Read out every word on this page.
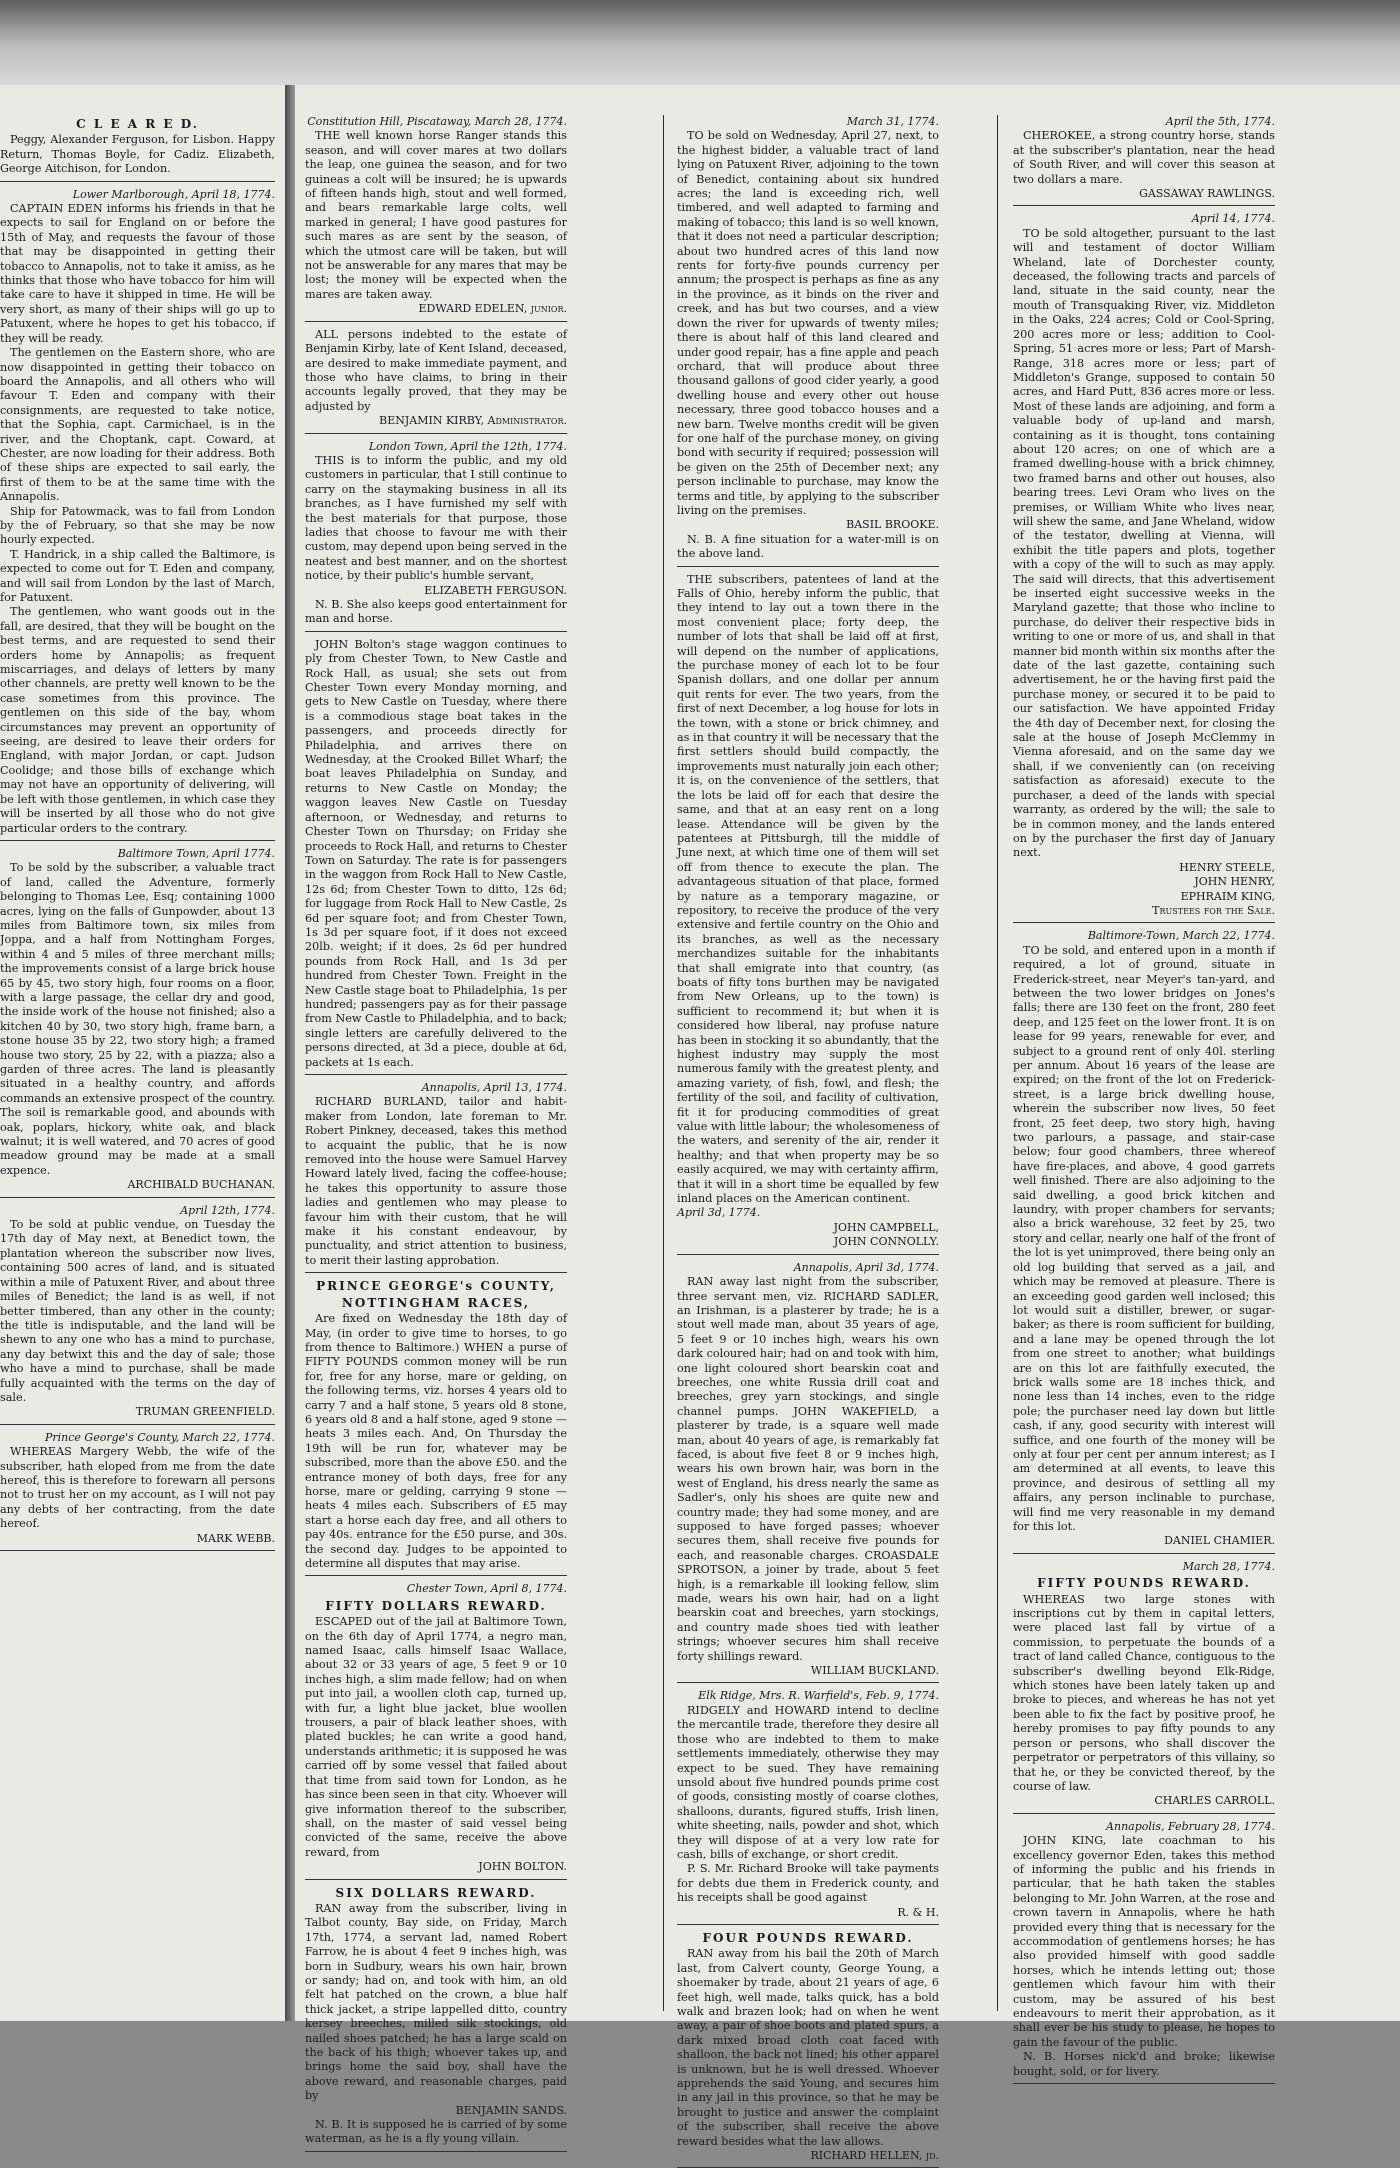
C L E A R E D.

Peggy, Alexander Ferguson, for Lisbon. Happy Return, Thomas Boyle, for Cadiz. Elizabeth, George Aitchison, for London.

Lower Marlborough, April 18, 1774.

CAPTAIN EDEN informs his friends in that he expects to sail for England on or before the 15th of May, and requests the favour of those that may be disappointed in getting their tobacco to Annapolis, not to take it amiss, as he thinks that those who have tobacco for him will take care to have it shipped in time. He will be very short, as many of their ships will go up to Patuxent, where he hopes to get his tobacco, if they will be ready.

The gentlemen on the Eastern shore, who are now disappointed in getting their tobacco on board the Annapolis, and all others who will favour T. Eden and company with their consignments, are requested to take notice, that the Sophia, capt. Carmichael, is in the river, and the Choptank, capt. Coward, at Chester, are now loading for their address. Both of these ships are expected to sail early, the first of them to be at the same time with the Annapolis.

Ship for Patowmack, was to fail from London by the of February, so that she may be now hourly expected.

T. Handrick, in a ship called the Baltimore, is expected to come out for T. Eden and company, and will sail from London by the last of March, for Patuxent.

The gentlemen, who want goods out in the fall, are desired, that they will be bought on the best terms, and are requested to send their orders home by Annapolis; as frequent miscarriages, and delays of letters by many other channels, are pretty well known to be the case sometimes from this province. The gentlemen on this side of the bay, whom circumstances may prevent an opportunity of seeing, are desired to leave their orders for England, with major Jordan, or capt. Judson Coolidge; and those bills of exchange which may not have an opportunity of delivering, will be left with those gentlemen, in which case they will be inserted by all those who do not give particular orders to the contrary.

Baltimore Town, April 1774.

To be sold by the subscriber, a valuable tract of land, called the Adventure, formerly belonging to Thomas Lee, Esq; containing 1000 acres, lying on the falls of Gunpowder, about 13 miles from Baltimore town, six miles from Joppa, and a half from Nottingham Forges, within 4 and 5 miles of three merchant mills; the improvements consist of a large brick house 65 by 45, two story high, four rooms on a floor, with a large passage, the cellar dry and good, the inside work of the house not finished; also a kitchen 40 by 30, two story high, frame barn, a stone house 35 by 22, two story high; a framed house two story, 25 by 22, with a piazza; also a garden of three acres. The land is pleasantly situated in a healthy country, and affords commands an extensive prospect of the country. The soil is remarkable good, and abounds with oak, poplars, hickory, white oak, and black walnut; it is well watered, and 70 acres of good meadow ground may be made at a small expence.

ARCHIBALD BUCHANAN.
April 12th, 1774.

To be sold at public vendue, on Tuesday the 17th day of May next, at Benedict town, the plantation whereon the subscriber now lives, containing 500 acres of land, and is situated within a mile of Patuxent River, and about three miles of Benedict; the land is as well, if not better timbered, than any other in the county; the title is indisputable, and the land will be shewn to any one who has a mind to purchase, any day betwixt this and the day of sale; those who have a mind to purchase, shall be made fully acquainted with the terms on the day of sale.

TRUMAN GREENFIELD.
Prince George's County, March 22, 1774.

WHEREAS Margery Webb, the wife of the subscriber, hath eloped from me from the date hereof, this is therefore to forewarn all persons not to trust her on my account, as I will not pay any debts of her contracting, from the date hereof.

MARK WEBB.
Constitution Hill, Piscataway, March 28, 1774.

THE well known horse Ranger stands this season, and will cover mares at two dollars the leap, one guinea the season, and for two guineas a colt will be insured; he is upwards of fifteen hands high, stout and well formed, and bears remarkable large colts, well marked in general; I have good pastures for such mares as are sent by the season, of which the utmost care will be taken, but will not be answerable for any mares that may be lost; the money will be expected when the mares are taken away.

EDWARD EDELEN, junior.

ALL persons indebted to the estate of Benjamin Kirby, late of Kent Island, deceased, are desired to make immediate payment, and those who have claims, to bring in their accounts legally proved, that they may be adjusted by

BENJAMIN KIRBY, Administrator.
London Town, April the 12th, 1774.

THIS is to inform the public, and my old customers in particular, that I still continue to carry on the staymaking business in all its branches, as I have furnished my self with the best materials for that purpose, those ladies that choose to favour me with their custom, may depend upon being served in the neatest and best manner, and on the shortest notice, by their public's humble servant,

ELIZABETH FERGUSON.

N. B. She also keeps good entertainment for man and horse.

JOHN Bolton's stage waggon continues to ply from Chester Town, to New Castle and Rock Hall, as usual; she sets out from Chester Town every Monday morning, and gets to New Castle on Tuesday, where there is a commodious stage boat takes in the passengers, and proceeds directly for Philadelphia, and arrives there on Wednesday, at the Crooked Billet Wharf; the boat leaves Philadelphia on Sunday, and returns to New Castle on Monday; the waggon leaves New Castle on Tuesday afternoon, or Wednesday, and returns to Chester Town on Thursday; on Friday she proceeds to Rock Hall, and returns to Chester Town on Saturday. The rate is for passengers in the waggon from Rock Hall to New Castle, 12s 6d; from Chester Town to ditto, 12s 6d; for luggage from Rock Hall to New Castle, 2s 6d per square foot; and from Chester Town, 1s 3d per square foot, if it does not exceed 20lb. weight; if it does, 2s 6d per hundred pounds from Rock Hall, and 1s 3d per hundred from Chester Town. Freight in the New Castle stage boat to Philadelphia, 1s per hundred; passengers pay as for their passage from New Castle to Philadelphia, and to back; single letters are carefully delivered to the persons directed, at 3d a piece, double at 6d, packets at 1s each.

Annapolis, April 13, 1774.

RICHARD BURLAND, tailor and habit-maker from London, late foreman to Mr. Robert Pinkney, deceased, takes this method to acquaint the public, that he is now removed into the house were Samuel Harvey Howard lately lived, facing the coffee-house; he takes this opportunity to assure those ladies and gentlemen who may please to favour him with their custom, that he will make it his constant endeavour, by punctuality, and strict attention to business, to merit their lasting approbation.

PRINCE GEORGE's COUNTY,
NOTTINGHAM RACES,

Are fixed on Wednesday the 18th day of May, (in order to give time to horses, to go from thence to Baltimore.) WHEN a purse of FIFTY POUNDS common money will be run for, free for any horse, mare or gelding, on the following terms, viz. horses 4 years old to carry 7 and a half stone, 5 years old 8 stone, 6 years old 8 and a half stone, aged 9 stone — heats 3 miles each. And, On Thursday the 19th will be run for, whatever may be subscribed, more than the above £50. and the entrance money of both days, free for any horse, mare or gelding, carrying 9 stone — heats 4 miles each. Subscribers of £5 may start a horse each day free, and all others to pay 40s. entrance for the £50 purse, and 30s. the second day. Judges to be appointed to determine all disputes that may arise.

Chester Town, April 8, 1774.
FIFTY DOLLARS REWARD.

ESCAPED out of the jail at Baltimore Town, on the 6th day of April 1774, a negro man, named Isaac, calls himself Isaac Wallace, about 32 or 33 years of age, 5 feet 9 or 10 inches high, a slim made fellow; had on when put into jail, a woollen cloth cap, turned up, with fur, a light blue jacket, blue woollen trousers, a pair of black leather shoes, with plated buckles; he can write a good hand, understands arithmetic; it is supposed he was carried off by some vessel that failed about that time from said town for London, as he has since been seen in that city. Whoever will give information thereof to the subscriber, shall, on the master of said vessel being convicted of the same, receive the above reward, from

JOHN BOLTON.
SIX DOLLARS REWARD.

RAN away from the subscriber, living in Talbot county, Bay side, on Friday, March 17th, 1774, a servant lad, named Robert Farrow, he is about 4 feet 9 inches high, was born in Sudbury, wears his own hair, brown or sandy; had on, and took with him, an old felt hat patched on the crown, a blue half thick jacket, a stripe lappelled ditto, country kersey breeches, milled silk stockings, old nailed shoes patched; he has a large scald on the back of his thigh; whoever takes up, and brings home the said boy, shall have the above reward, and reasonable charges, paid by

BENJAMIN SANDS.

N. B. It is supposed he is carried of by some waterman, as he is a fly young villain.

March 31, 1774.

TO be sold on Wednesday, April 27, next, to the highest bidder, a valuable tract of land lying on Patuxent River, adjoining to the town of Benedict, containing about six hundred acres; the land is exceeding rich, well timbered, and well adapted to farming and making of tobacco; this land is so well known, that it does not need a particular description; about two hundred acres of this land now rents for forty-five pounds currency per annum; the prospect is perhaps as fine as any in the province, as it binds on the river and creek, and has but two courses, and a view down the river for upwards of twenty miles; there is about half of this land cleared and under good repair, has a fine apple and peach orchard, that will produce about three thousand gallons of good cider yearly, a good dwelling house and every other out house necessary, three good tobacco houses and a new barn. Twelve months credit will be given for one half of the purchase money, on giving bond with security if required; possession will be given on the 25th of December next; any person inclinable to purchase, may know the terms and title, by applying to the subscriber living on the premises.

BASIL BROOKE.

N. B. A fine situation for a water-mill is on the above land.

THE subscribers, patentees of land at the Falls of Ohio, hereby inform the public, that they intend to lay out a town there in the most convenient place; forty deep, the number of lots that shall be laid off at first, will depend on the number of applications, the purchase money of each lot to be four Spanish dollars, and one dollar per annum quit rents for ever. The two years, from the first of next December, a log house for lots in the town, with a stone or brick chimney, and as in that country it will be necessary that the first settlers should build compactly, the improvements must naturally join each other; it is, on the convenience of the settlers, that the lots be laid off for each that desire the same, and that at an easy rent on a long lease. Attendance will be given by the patentees at Pittsburgh, till the middle of June next, at which time one of them will set off from thence to execute the plan. The advantageous situation of that place, formed by nature as a temporary magazine, or repository, to receive the produce of the very extensive and fertile country on the Ohio and its branches, as well as the necessary merchandizes suitable for the inhabitants that shall emigrate into that country, (as boats of fifty tons burthen may be navigated from New Orleans, up to the town) is sufficient to recommend it; but when it is considered how liberal, nay profuse nature has been in stocking it so abundantly, that the highest industry may supply the most numerous family with the greatest plenty, and amazing variety, of fish, fowl, and flesh; the fertility of the soil, and facility of cultivation, fit it for producing commodities of great value with little labour; the wholesomeness of the waters, and serenity of the air, render it healthy; and that when property may be so easily acquired, we may with certainty affirm, that it will in a short time be equalled by few inland places on the American continent.

April 3d, 1774.
JOHN CAMPBELL,
JOHN CONNOLLY.
Annapolis, April 3d, 1774.

RAN away last night from the subscriber, three servant men, viz. RICHARD SADLER, an Irishman, is a plasterer by trade; he is a stout well made man, about 35 years of age, 5 feet 9 or 10 inches high, wears his own dark coloured hair; had on and took with him, one light coloured short bearskin coat and breeches, one white Russia drill coat and breeches, grey yarn stockings, and single channel pumps. JOHN WAKEFIELD, a plasterer by trade, is a square well made man, about 40 years of age, is remarkably fat faced, is about five feet 8 or 9 inches high, wears his own brown hair, was born in the west of England, his dress nearly the same as Sadler's, only his shoes are quite new and country made; they had some money, and are supposed to have forged passes; whoever secures them, shall receive five pounds for each, and reasonable charges. CROASDALE SPROTSON, a joiner by trade, about 5 feet high, is a remarkable ill looking fellow, slim made, wears his own hair, had on a light bearskin coat and breeches, yarn stockings, and country made shoes tied with leather strings; whoever secures him shall receive forty shillings reward.

WILLIAM BUCKLAND.
Elk Ridge, Mrs. R. Warfield's, Feb. 9, 1774.

RIDGELY and HOWARD intend to decline the mercantile trade, therefore they desire all those who are indebted to them to make settlements immediately, otherwise they may expect to be sued. They have remaining unsold about five hundred pounds prime cost of goods, consisting mostly of coarse clothes, shalloons, durants, figured stuffs, Irish linen, white sheeting, nails, powder and shot, which they will dispose of at a very low rate for cash, bills of exchange, or short credit.

P. S. Mr. Richard Brooke will take payments for debts due them in Frederick county, and his receipts shall be good against

R. & H.
FOUR POUNDS REWARD.

RAN away from his bail the 20th of March last, from Calvert county, George Young, a shoemaker by trade, about 21 years of age, 6 feet high, well made, talks quick, has a bold walk and brazen look; had on when he went away, a pair of shoe boots and plated spurs, a dark mixed broad cloth coat faced with shalloon, the back not lined; his other apparel is unknown, but he is well dressed. Whoever apprehends the said Young, and secures him in any jail in this province, so that he may be brought to justice and answer the complaint of the subscriber, shall receive the above reward besides what the law allows.

RICHARD HELLEN, jd.
April the 5th, 1774.

CHEROKEE, a strong country horse, stands at the subscriber's plantation, near the head of South River, and will cover this season at two dollars a mare.

GASSAWAY RAWLINGS.
April 14, 1774.

TO be sold altogether, pursuant to the last will and testament of doctor William Wheland, late of Dorchester county, deceased, the following tracts and parcels of land, situate in the said county, near the mouth of Transquaking River, viz. Middleton in the Oaks, 224 acres; Cold or Cool-Spring, 200 acres more or less; addition to Cool-Spring, 51 acres more or less; Part of Marsh-Range, 318 acres more or less; part of Middleton's Grange, supposed to contain 50 acres, and Hard Putt, 836 acres more or less. Most of these lands are adjoining, and form a valuable body of up-land and marsh, containing as it is thought, tons containing about 120 acres; on one of which are a framed dwelling-house with a brick chimney, two framed barns and other out houses, also bearing trees. Levi Oram who lives on the premises, or William White who lives near, will shew the same, and Jane Wheland, widow of the testator, dwelling at Vienna, will exhibit the title papers and plots, together with a copy of the will to such as may apply. The said will directs, that this advertisement be inserted eight successive weeks in the Maryland gazette; that those who incline to purchase, do deliver their respective bids in writing to one or more of us, and shall in that manner bid month within six months after the date of the last gazette, containing such advertisement, he or the having first paid the purchase money, or secured it to be paid to our satisfaction. We have appointed Friday the 4th day of December next, for closing the sale at the house of Joseph McClemmy in Vienna aforesaid, and on the same day we shall, if we conveniently can (on receiving satisfaction as aforesaid) execute to the purchaser, a deed of the lands with special warranty, as ordered by the will; the sale to be in common money, and the lands entered on by the purchaser the first day of January next.

HENRY STEELE,
JOHN HENRY,
EPHRAIM KING,
Trustees for the Sale.
Baltimore-Town, March 22, 1774.

TO be sold, and entered upon in a month if required, a lot of ground, situate in Frederick-street, near Meyer's tan-yard, and between the two lower bridges on Jones's falls; there are 130 feet on the front, 280 feet deep, and 125 feet on the lower front. It is on lease for 99 years, renewable for ever, and subject to a ground rent of only 40l. sterling per annum. About 16 years of the lease are expired; on the front of the lot on Frederick-street, is a large brick dwelling house, wherein the subscriber now lives, 50 feet front, 25 feet deep, two story high, having two parlours, a passage, and stair-case below; four good chambers, three whereof have fire-places, and above, 4 good garrets well finished. There are also adjoining to the said dwelling, a good brick kitchen and laundry, with proper chambers for servants; also a brick warehouse, 32 feet by 25, two story and cellar, nearly one half of the front of the lot is yet unimproved, there being only an old log building that served as a jail, and which may be removed at pleasure. There is an exceeding good garden well inclosed; this lot would suit a distiller, brewer, or sugar-baker; as there is room sufficient for building, and a lane may be opened through the lot from one street to another; what buildings are on this lot are faithfully executed, the brick walls some are 18 inches thick, and none less than 14 inches, even to the ridge pole; the purchaser need lay down but little cash, if any, good security with interest will suffice, and one fourth of the money will be only at four per cent per annum interest; as I am determined at all events, to leave this province, and desirous of settling all my affairs, any person inclinable to purchase, will find me very reasonable in my demand for this lot.

DANIEL CHAMIER.
March 28, 1774.
FIFTY POUNDS REWARD.

WHEREAS two large stones with inscriptions cut by them in capital letters, were placed last fall by virtue of a commission, to perpetuate the bounds of a tract of land called Chance, contiguous to the subscriber's dwelling beyond Elk-Ridge, which stones have been lately taken up and broke to pieces, and whereas he has not yet been able to fix the fact by positive proof, he hereby promises to pay fifty pounds to any person or persons, who shall discover the perpetrator or perpetrators of this villainy, so that he, or they be convicted thereof, by the course of law.

CHARLES CARROLL.
Annapolis, February 28, 1774.

JOHN KING, late coachman to his excellency governor Eden, takes this method of informing the public and his friends in particular, that he hath taken the stables belonging to Mr. John Warren, at the rose and crown tavern in Annapolis, where he hath provided every thing that is necessary for the accommodation of gentlemens horses; he has also provided himself with good saddle horses, which he intends letting out; those gentlemen which favour him with their custom, may be assured of his best endeavours to merit their approbation, as it shall ever be his study to please, he hopes to gain the favour of the public.

N. B. Horses nick'd and broke; likewise bought, sold, or for livery.
